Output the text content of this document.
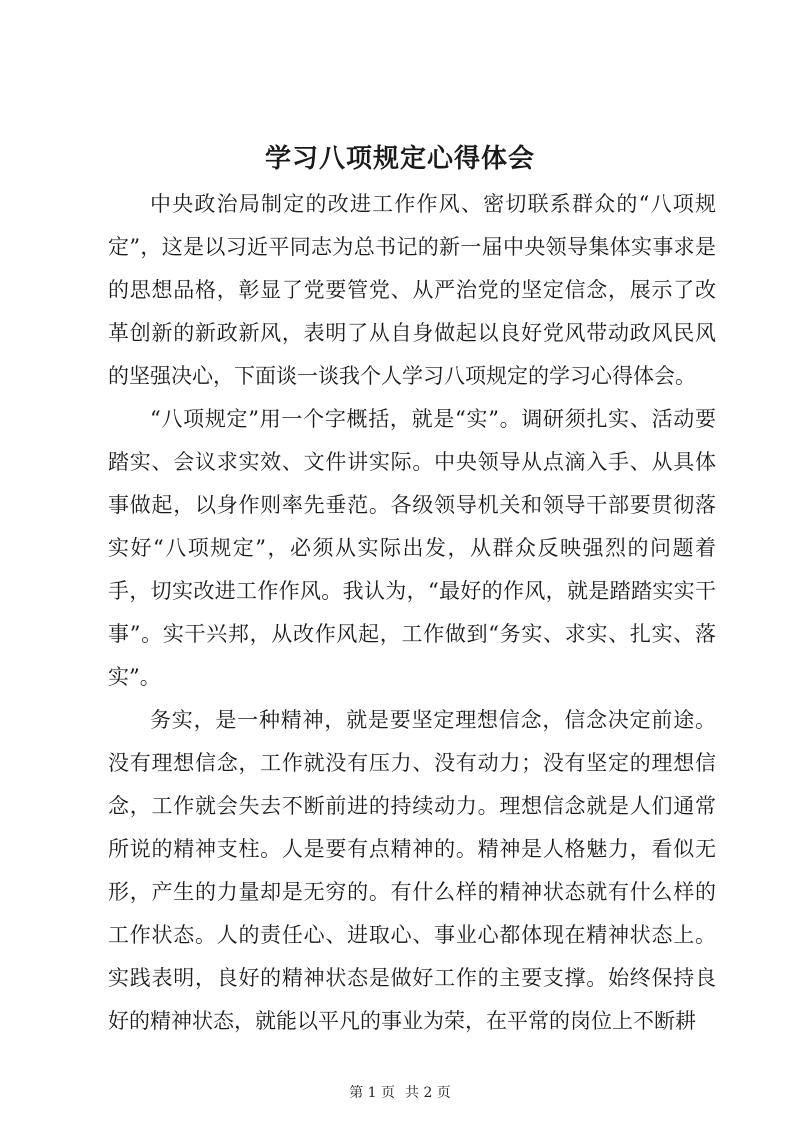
学习八项规定心得体会

中央政治局制定的改进工作作风、密切联系群众的“八项规定”，这是以习近平同志为总书记的新一届中央领导集体实事求是的思想品格，彰显了党要管党、从严治党的坚定信念，展示了改革创新的新政新风，表明了从自身做起以良好党风带动政风民风的坚强决心，下面谈一谈我个人学习八项规定的学习心得体会。

“八项规定”用一个字概括，就是“实”。调研须扎实、活动要踏实、会议求实效、文件讲实际。中央领导从点滴入手、从具体事做起，以身作则率先垂范。各级领导机关和领导干部要贯彻落实好“八项规定”，必须从实际出发，从群众反映强烈的问题着手，切实改进工作作风。我认为，“最好的作风，就是踏踏实实干事”。实干兴邦，从改作风起，工作做到“务实、求实、扎实、落实”。

务实，是一种精神，就是要坚定理想信念，信念决定前途。没有理想信念，工作就没有压力、没有动力；没有坚定的理想信念，工作就会失去不断前进的持续动力。理想信念就是人们通常所说的精神支柱。人是要有点精神的。精神是人格魅力，看似无形，产生的力量却是无穷的。有什么样的精神状态就有什么样的工作状态。人的责任心、进取心、事业心都体现在精神状态上。实践表明，良好的精神状态是做好工作的主要支撑。始终保持良好的精神状态，就能以平凡的事业为荣，在平常的岗位上不断耕

第 1 页 共 2 页
